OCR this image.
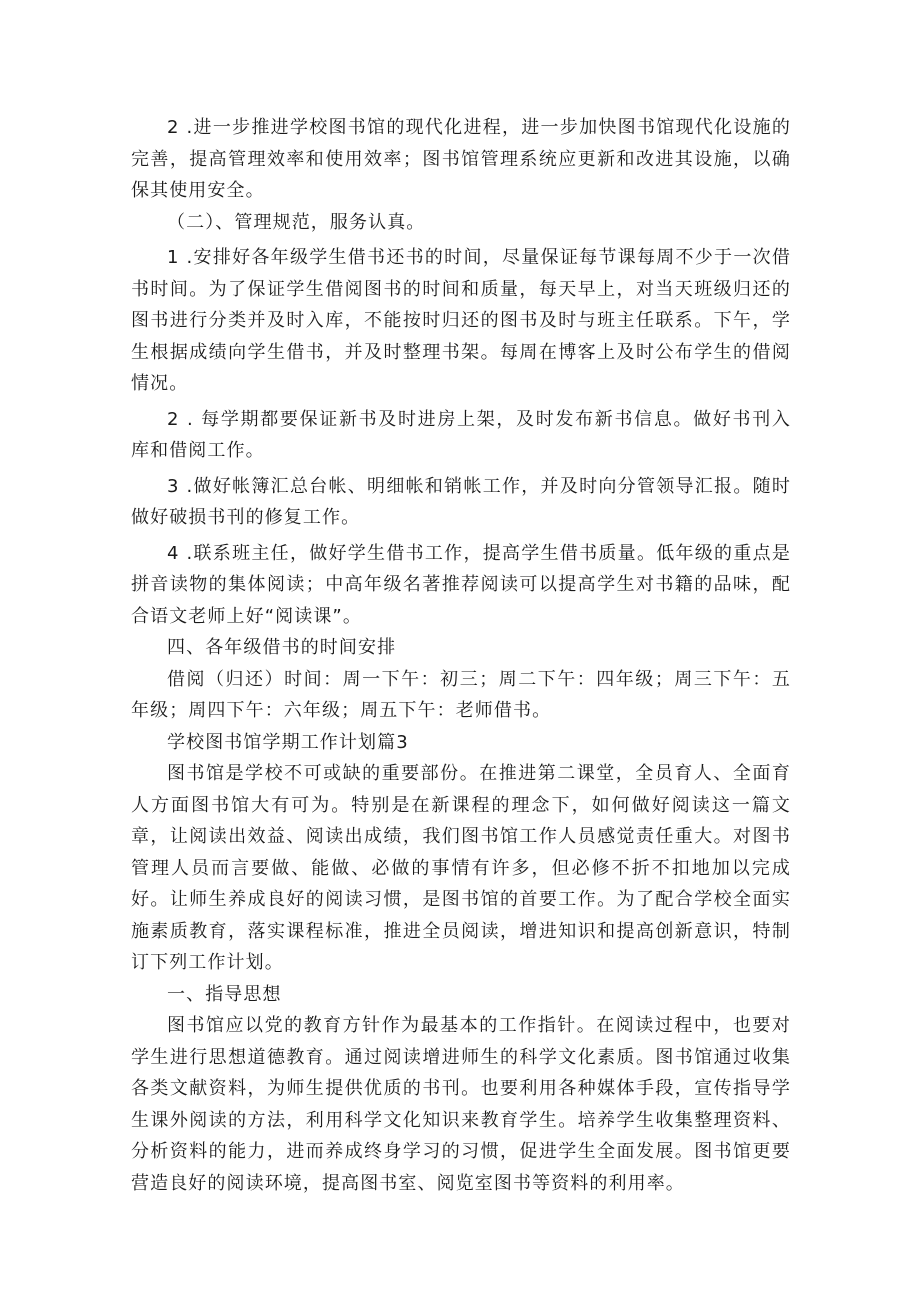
2 .进一步推进学校图书馆的现代化进程，进一步加快图书馆现代化设施的完善，提高管理效率和使用效率；图书馆管理系统应更新和改进其设施，以确保其使用安全。

（二）、管理规范，服务认真。

1 .安排好各年级学生借书还书的时间，尽量保证每节课每周不少于一次借书时间。为了保证学生借阅图书的时间和质量，每天早上，对当天班级归还的图书进行分类并及时入库，不能按时归还的图书及时与班主任联系。下午，学生根据成绩向学生借书，并及时整理书架。每周在博客上及时公布学生的借阅情况。

2 . 每学期都要保证新书及时进房上架，及时发布新书信息。做好书刊入库和借阅工作。

3 .做好帐簿汇总台帐、明细帐和销帐工作，并及时向分管领导汇报。随时做好破损书刊的修复工作。

4 .联系班主任，做好学生借书工作，提高学生借书质量。低年级的重点是拼音读物的集体阅读；中高年级名著推荐阅读可以提高学生对书籍的品味，配合语文老师上好“阅读课”。

四、各年级借书的时间安排

借阅（归还）时间：周一下午：初三；周二下午：四年级；周三下午：五年级；周四下午：六年级；周五下午：老师借书。

学校图书馆学期工作计划篇3

图书馆是学校不可或缺的重要部份。在推进第二课堂，全员育人、全面育人方面图书馆大有可为。特别是在新课程的理念下，如何做好阅读这一篇文章，让阅读出效益、阅读出成绩，我们图书馆工作人员感觉责任重大。对图书管理人员而言要做、能做、必做的事情有许多，但必修不折不扣地加以完成好。让师生养成良好的阅读习惯，是图书馆的首要工作。为了配合学校全面实施素质教育，落实课程标准，推进全员阅读，增进知识和提高创新意识，特制订下列工作计划。

一、指导思想

图书馆应以党的教育方针作为最基本的工作指针。在阅读过程中，也要对学生进行思想道德教育。通过阅读增进师生的科学文化素质。图书馆通过收集各类文献资料，为师生提供优质的书刊。也要利用各种媒体手段，宣传指导学生课外阅读的方法，利用科学文化知识来教育学生。培养学生收集整理资料、分析资料的能力，进而养成终身学习的习惯，促进学生全面发展。图书馆更要营造良好的阅读环境，提高图书室、阅览室图书等资料的利用率。
